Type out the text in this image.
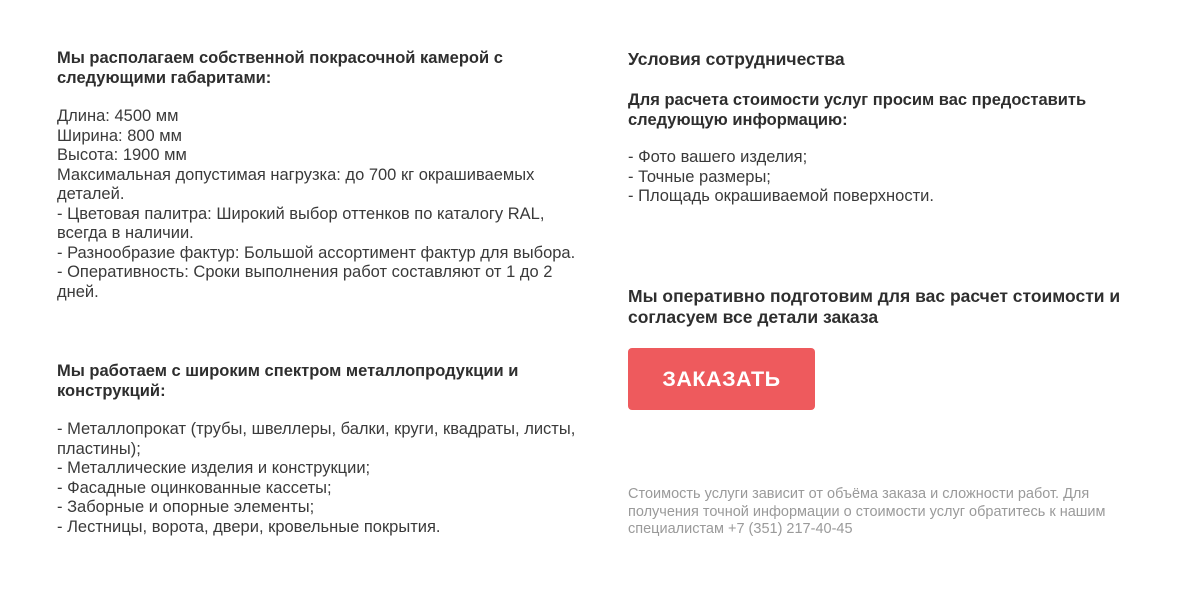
Мы располагаем собственной покрасочной камерой с следующими габаритами:
Длина: 4500 мм
Ширина: 800 мм
Высота: 1900 мм
Максимальная допустимая нагрузка: до 700 кг окрашиваемых деталей.
- Цветовая палитра: Широкий выбор оттенков по каталогу RAL, всегда в наличии.
- Разнообразие фактур: Большой ассортимент фактур для выбора.
- Оперативность: Сроки выполнения работ составляют от 1 до 2 дней.
Мы работаем с широким спектром металлопродукции и конструкций:
- Металлопрокат (трубы, швеллеры, балки, круги, квадраты, листы, пластины);
- Металлические изделия и конструкции;
- Фасадные оцинкованные кассеты;
- Заборные и опорные элементы;
- Лестницы, ворота, двери, кровельные покрытия.
Условия сотрудничества
Для расчета стоимости услуг просим вас предоставить следующую информацию:
- Фото вашего изделия;
- Точные размеры;
- Площадь окрашиваемой поверхности.
Мы оперативно подготовим для вас расчет стоимости и согласуем все детали заказа
ЗАКАЗАТЬ
Стоимость услуги зависит от объёма заказа и сложности работ. Для получения точной информации о стоимости услуг обратитесь к нашим специалистам +7 (351) 217-40-45
